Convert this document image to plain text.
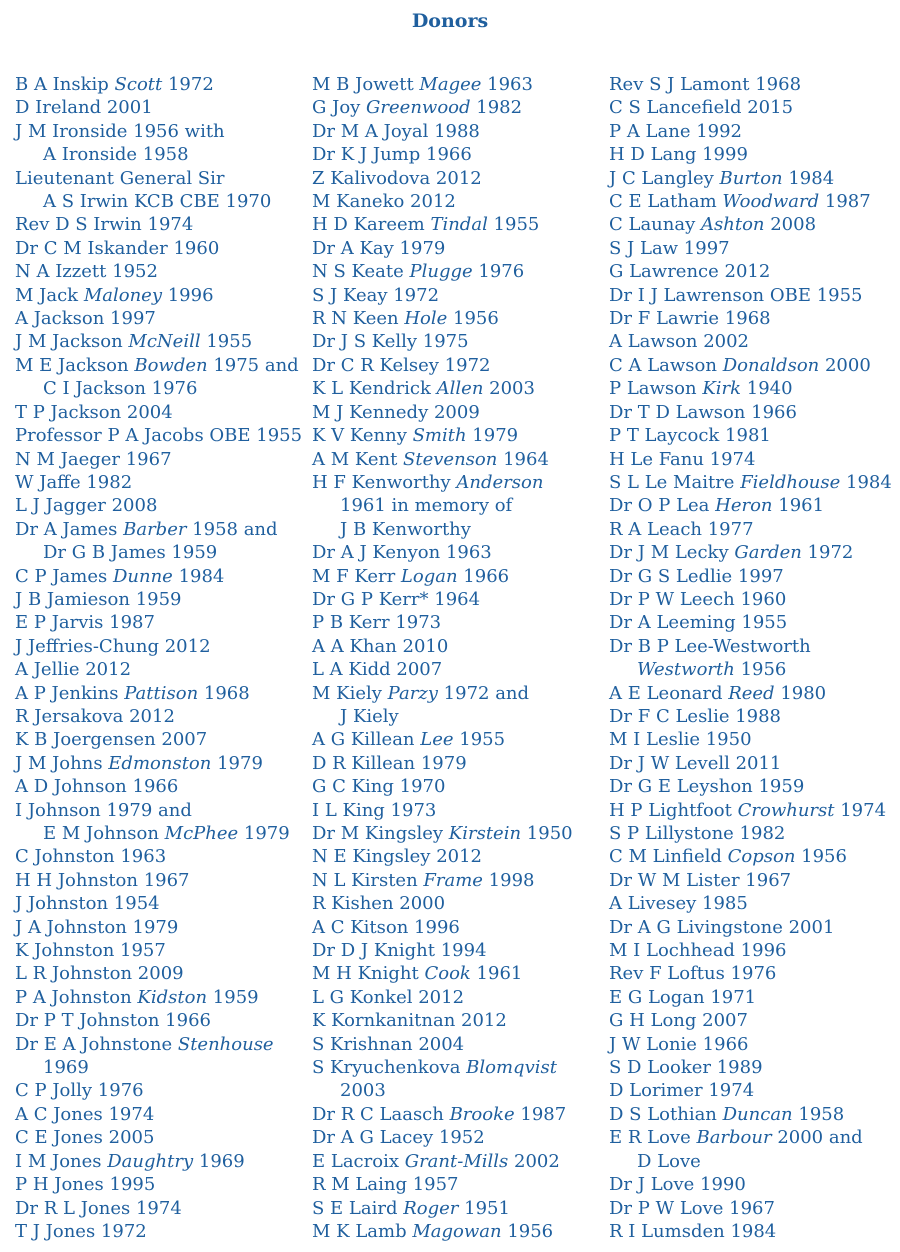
Donors

B A Inskip Scott 1972

D Ireland 2001

J M Ironside 1956 with
A Ironside 1958

Lieutenant General Sir
A S Irwin KCB CBE 1970

Rev D S Irwin 1974

Dr C M Iskander 1960

N A Izzett 1952

M Jack Maloney 1996

A Jackson 1997

J M Jackson McNeill 1955

M E Jackson Bowden 1975 and
C I Jackson 1976

T P Jackson 2004

Professor P A Jacobs OBE 1955

N M Jaeger 1967

W Jaffe 1982

L J Jagger 2008

Dr A James Barber 1958 and
Dr G B James 1959

C P James Dunne 1984

J B Jamieson 1959

E P Jarvis 1987

J Jeffries-Chung 2012

A Jellie 2012

A P Jenkins Pattison 1968

R Jersakova 2012

K B Joergensen 2007

J M Johns Edmonston 1979

A D Johnson 1966

I Johnson 1979 and
E M Johnson McPhee 1979

C Johnston 1963

H H Johnston 1967

J Johnston 1954

J A Johnston 1979

K Johnston 1957

L R Johnston 2009

P A Johnston Kidston 1959

Dr P T Johnston 1966

Dr E A Johnstone Stenhouse
1969

C P Jolly 1976

A C Jones 1974

C E Jones 2005

I M Jones Daughtry 1969

P H Jones 1995

Dr R L Jones 1974

T J Jones 1972

M B Jowett Magee 1963

G Joy Greenwood 1982

Dr M A Joyal 1988

Dr K J Jump 1966

Z Kalivodova 2012

M Kaneko 2012

H D Kareem Tindal 1955

Dr A Kay 1979

N S Keate Plugge 1976

S J Keay 1972

R N Keen Hole 1956

Dr J S Kelly 1975

Dr C R Kelsey 1972

K L Kendrick Allen 2003

M J Kennedy 2009

K V Kenny Smith 1979

A M Kent Stevenson 1964

H F Kenworthy Anderson
1961 in memory of
J B Kenworthy

Dr A J Kenyon 1963

M F Kerr Logan 1966

Dr G P Kerr* 1964

P B Kerr 1973

A A Khan 2010

L A Kidd 2007

M Kiely Parzy 1972 and
J Kiely

A G Killean Lee 1955

D R Killean 1979

G C King 1970

I L King 1973

Dr M Kingsley Kirstein 1950

N E Kingsley 2012

N L Kirsten Frame 1998

R Kishen 2000

A C Kitson 1996

Dr D J Knight 1994

M H Knight Cook 1961

L G Konkel 2012

K Kornkanitnan 2012

S Krishnan 2004

S Kryuchenkova Blomqvist
2003

Dr R C Laasch Brooke 1987

Dr A G Lacey 1952

E Lacroix Grant-Mills 2002

R M Laing 1957

S E Laird Roger 1951

M K Lamb Magowan 1956

Rev S J Lamont 1968

C S Lancefield 2015

P A Lane 1992

H D Lang 1999

J C Langley Burton 1984

C E Latham Woodward 1987

C Launay Ashton 2008

S J Law 1997

G Lawrence 2012

Dr I J Lawrenson OBE 1955

Dr F Lawrie 1968

A Lawson 2002

C A Lawson Donaldson 2000

P Lawson Kirk 1940

Dr T D Lawson 1966

P T Laycock 1981

H Le Fanu 1974

S L Le Maitre Fieldhouse 1984

Dr O P Lea Heron 1961

R A Leach 1977

Dr J M Lecky Garden 1972

Dr G S Ledlie 1997

Dr P W Leech 1960

Dr A Leeming 1955

Dr B P Lee-Westworth
Westworth 1956

A E Leonard Reed 1980

Dr F C Leslie 1988

M I Leslie 1950

Dr J W Levell 2011

Dr G E Leyshon 1959

H P Lightfoot Crowhurst 1974

S P Lillystone 1982

C M Linfield Copson 1956

Dr W M Lister 1967

A Livesey 1985

Dr A G Livingstone 2001

M I Lochhead 1996

Rev F Loftus 1976

E G Logan 1971

G H Long 2007

J W Lonie 1966

S D Looker 1989

D Lorimer 1974

D S Lothian Duncan 1958

E R Love Barbour 2000 and
D Love

Dr J Love 1990

Dr P W Love 1967

R I Lumsden 1984
